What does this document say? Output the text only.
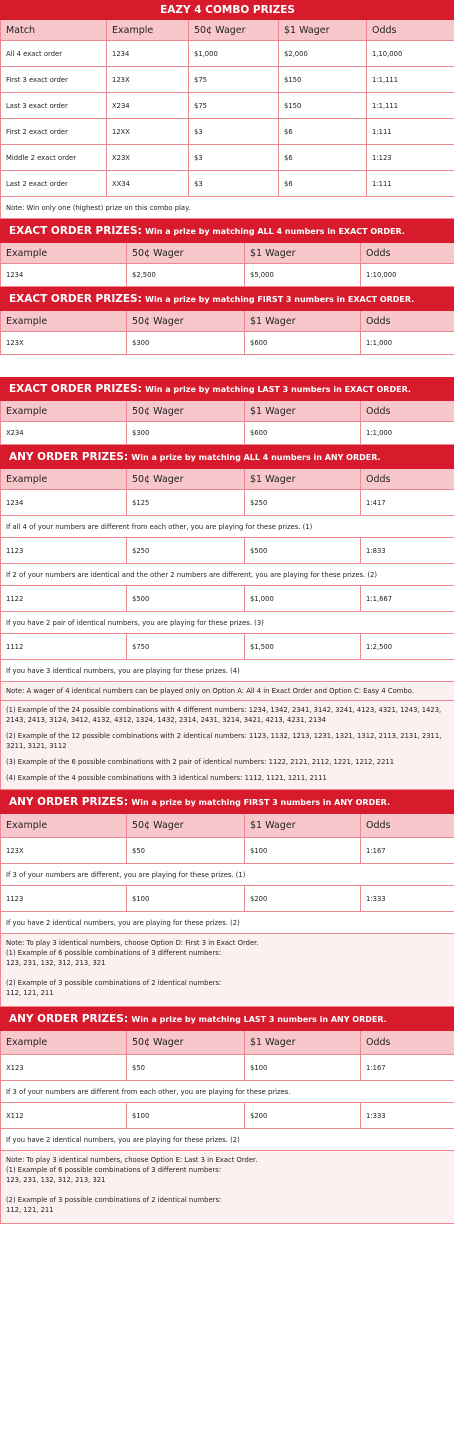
EAZY 4 COMBO PRIZES				
Match	Example	50¢ Wager	$1 Wager	Odds
All 4 exact order	1234	$1,000	$2,000	1,10,000
First 3 exact order	123X	$75	$150	1:1,111
Last 3 exact order	X234	$75	$150	1:1,111
First 2 exact order	12XX	$3	$6	1:111
Middle 2 exact order	X23X	$3	$6	1:123
Last 2 exact order	XX34	$3	$6	1:111
Note: Win only one (highest) prize on this combo play.				
EXACT ORDER PRIZES: Win a prize by matching ALL 4 numbers in EXACT ORDER.			
Example	50¢ Wager	$1 Wager	Odds
1234	$2,500	$5,000	1:10,000
EXACT ORDER PRIZES: Win a prize by matching FIRST 3 numbers in EXACT ORDER.			
Example	50¢ Wager	$1 Wager	Odds
123X	$300	$600	1:1,000
EXACT ORDER PRIZES: Win a prize by matching LAST 3 numbers in EXACT ORDER.			
Example	50¢ Wager	$1 Wager	Odds
X234	$300	$600	1:1,000
ANY ORDER PRIZES: Win a prize by matching ALL 4 numbers in ANY ORDER.			
Example	50¢ Wager	$1 Wager	Odds
1234	$125	$250	1:417
If all 4 of your numbers are different from each other, you are playing for these prizes. (1)			
1123	$250	$500	1:833
If 2 of your numbers are identical and the other 2 numbers are different, you are playing for these prizes. (2)			
1122	$500	$1,000	1:1,667
If you have 2 pair of identical numbers, you are playing for these prizes. (3)			
1112	$750	$1,500	1:2,500
If you have 3 identical numbers, you are playing for these prizes. (4)			

Note: A wager of 4 identical numbers can be played only on Option A: All 4 in Exact Order and Option C: Easy 4 Combo.			

(1) Example of the 24 possible combinations with 4 different numbers: 1234, 1342, 2341, 3142, 3241, 4123, 4321, 1243, 1423, 2143, 2413, 3124, 3412, 4132, 4312, 1324, 1432, 2314, 2431, 3214, 3421, 4213, 4231, 2134

(2) Example of the 12 possible combinations with 2 identical numbers: 1123, 1132, 1213, 1231, 1321, 1312, 2113, 2131, 2311, 3211, 3121, 3112

(3) Example of the 6 possible combinations with 2 pair of identical numbers: 1122, 2121, 2112, 1221, 1212, 2211

(4) Example of the 4 possible combinations with 3 identical numbers: 1112, 1121, 1211, 2111			

ANY ORDER PRIZES: Win a prize by matching FIRST 3 numbers in ANY ORDER.			
Example	50¢ Wager	$1 Wager	Odds
123X	$50	$100	1:167
If 3 of your numbers are different, you are playing for these prizes. (1)			
1123	$100	$200	1:333
If you have 2 identical numbers, you are playing for these prizes. (2)			

Note: To play 3 identical numbers, choose Option D: First 3 in Exact Order.

(1) Example of 6 possible combinations of 3 different numbers:

123, 231, 132, 312, 213, 321

(2) Example of 3 possible combinations of 2 identical numbers:

112, 121, 211			

ANY ORDER PRIZES: Win a prize by matching LAST 3 numbers in ANY ORDER.			
Example	50¢ Wager	$1 Wager	Odds
X123	$50	$100	1:167
If 3 of your numbers are different from each other, you are playing for these prizes.			
X112	$100	$200	1:333
If you have 2 identical numbers, you are playing for these prizes. (2)			

Note: To play 3 identical numbers, choose Option E: Last 3 in Exact Order.

(1) Example of 6 possible combinations of 3 different numbers:

123, 231, 132, 312, 213, 321

(2) Example of 3 possible combinations of 2 identical numbers:

112, 121, 211			
